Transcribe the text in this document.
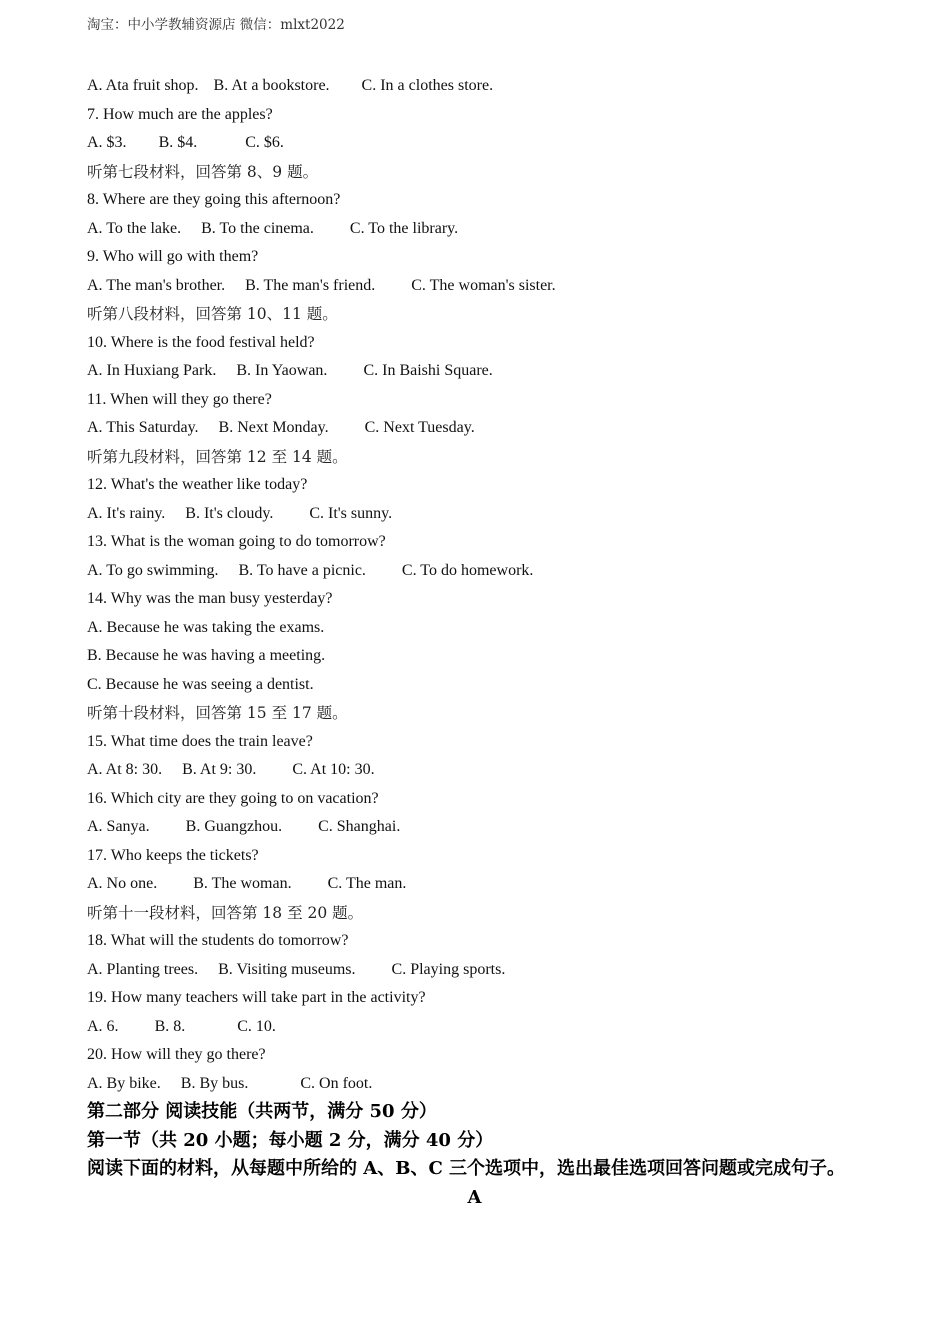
淘宝：中小学教辅资源店 微信：mlxt2022
A. Ata fruit shop. B. At a bookstore. C. In a clothes store.
7. How much are the apples?
A. $3. B. $4.	C. $6.
听第七段材料，回答第 8、9 题。
8. Where are they going this afternoon?
A. To the lake. B. To the cinema. C. To the library.
9. Who will go with them?
A. The man's brother. B. The man's friend. C. The woman's sister.
听第八段材料，回答第 10、11 题。
10. Where is the food festival held?
A. In Huxiang Park. B. In Yaowan. C. In Baishi Square.
11. When will they go there?
A. This Saturday. B. Next Monday. C. Next Tuesday.
听第九段材料，回答第 12 至 14 题。
12. What's the weather like today?
A. It's rainy. B. It's cloudy. C. It's sunny.
13. What is the woman going to do tomorrow?
A. To go swimming. B. To have a picnic. C. To do homework.
14. Why was the man busy yesterday?
A. Because he was taking the exams.
B. Because he was having a meeting.
C. Because he was seeing a dentist.
听第十段材料，回答第 15 至 17 题。
15. What time does the train leave?
A. At 8: 30. B. At 9: 30. C. At 10: 30.
16. Which city are they going to on vacation?
A. Sanya. B. Guangzhou. C. Shanghai.
17. Who keeps the tickets?
A. No one. B. The woman. C. The man.
听第十一段材料，回答第 18 至 20 题。
18. What will the students do tomorrow?
A. Planting trees. B. Visiting museums. C. Playing sports.
19. How many teachers will take part in the activity?
A. 6. B. 8.	C. 10.
20. How will they go there?
A. By bike. B. By bus.	C. On foot.
第二部分 阅读技能（共两节，满分 50 分）
第一节（共 20 小题；每小题 2 分，满分 40 分）
阅读下面的材料，从每题中所给的 A、B、C 三个选项中，选出最佳选项回答问题或完成句子。
A
